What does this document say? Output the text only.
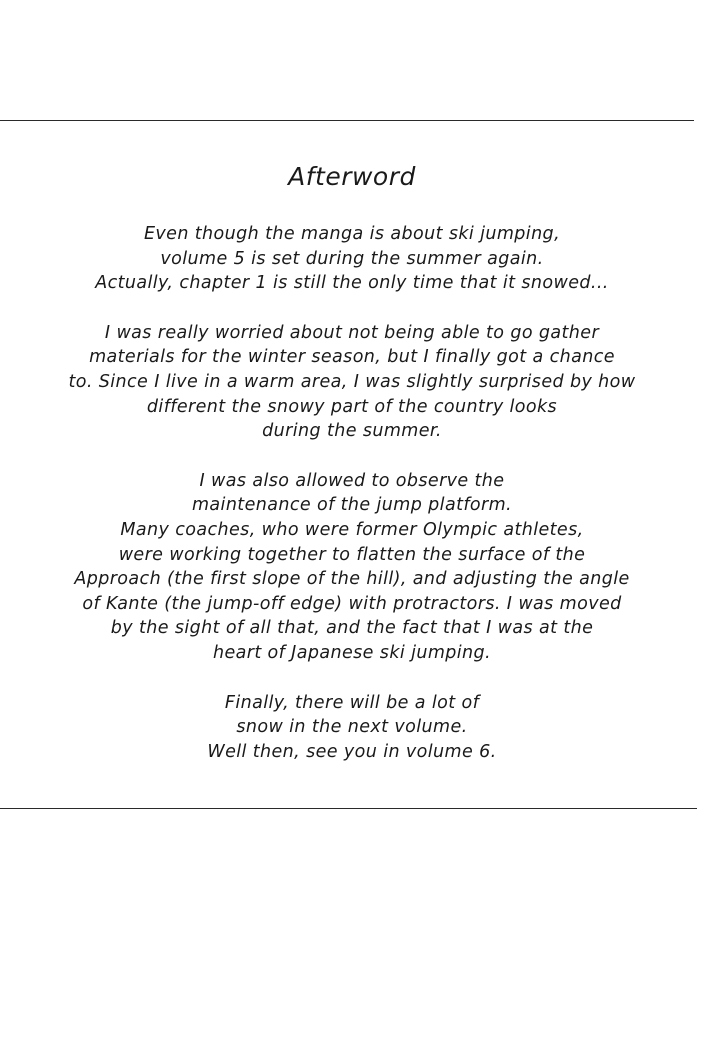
Afterword

Even though the manga is about ski jumping,
volume 5 is set during the summer again.
Actually, chapter 1 is still the only time that it snowed...

I was really worried about not being able to go gather
materials for the winter season, but I finally got a chance
to. Since I live in a warm area, I was slightly surprised by how
different the snowy part of the country looks
during the summer.

I was also allowed to observe the
maintenance of the jump platform.
Many coaches, who were former Olympic athletes,
were working together to flatten the surface of the
Approach (the first slope of the hill), and adjusting the angle
of Kante (the jump-off edge) with protractors. I was moved
by the sight of all that, and the fact that I was at the
heart of Japanese ski jumping.

Finally, there will be a lot of
snow in the next volume.
Well then, see you in volume 6.
